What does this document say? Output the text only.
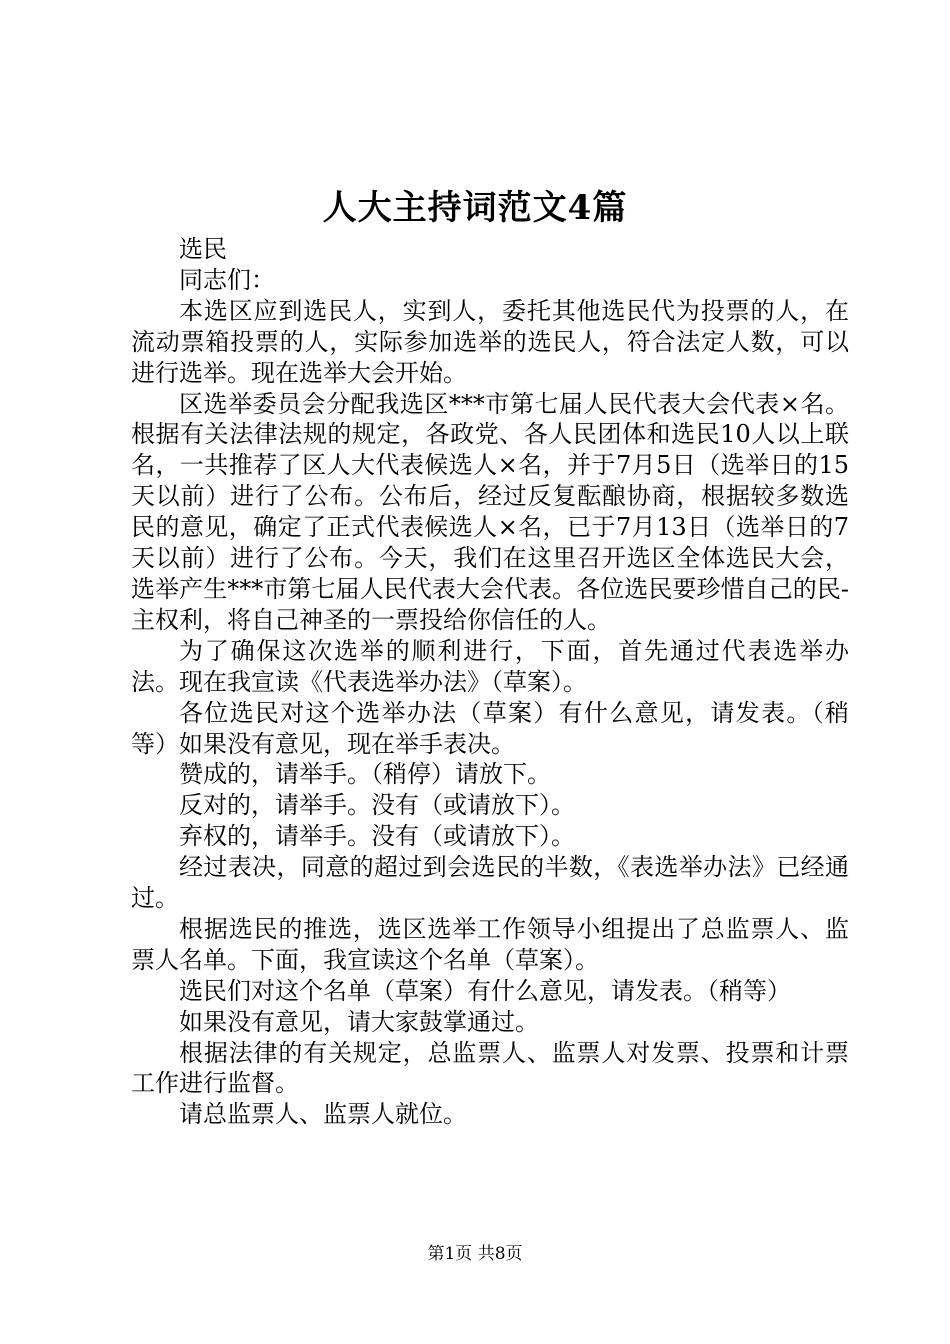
人大主持词范文4篇

选民

同志们：

本选区应到选民人，实到人，委托其他选民代为投票的人，在流动票箱投票的人，实际参加选举的选民人，符合法定人数，可以进行选举。现在选举大会开始。

区选举委员会分配我选区***市第七届人民代表大会代表×名。根据有关法律法规的规定，各政党、各人民团体和选民10人以上联名，一共推荐了区人大代表候选人×名，并于7月5日（选举日的15天以前）进行了公布。公布后，经过反复酝酿协商，根据较多数选民的意见，确定了正式代表候选人×名，已于7月13日（选举日的7天以前）进行了公布。今天，我们在这里召开选区全体选民大会，选举产生***市第七届人民代表大会代表。各位选民要珍惜自己的民-主权利，将自己神圣的一票投给你信任的人。

为了确保这次选举的顺利进行，下面，首先通过代表选举办法。现在我宣读《代表选举办法》（草案）。

各位选民对这个选举办法（草案）有什么意见，请发表。（稍等）如果没有意见，现在举手表决。

赞成的，请举手。（稍停）请放下。

反对的，请举手。没有（或请放下）。

弃权的，请举手。没有（或请放下）。

经过表决，同意的超过到会选民的半数，《表选举办法》已经通过。

根据选民的推选，选区选举工作领导小组提出了总监票人、监票人名单。下面，我宣读这个名单（草案）。

选民们对这个名单（草案）有什么意见，请发表。（稍等）

如果没有意见，请大家鼓掌通过。

根据法律的有关规定，总监票人、监票人对发票、投票和计票工作进行监督。

请总监票人、监票人就位。

第1页 共8页
